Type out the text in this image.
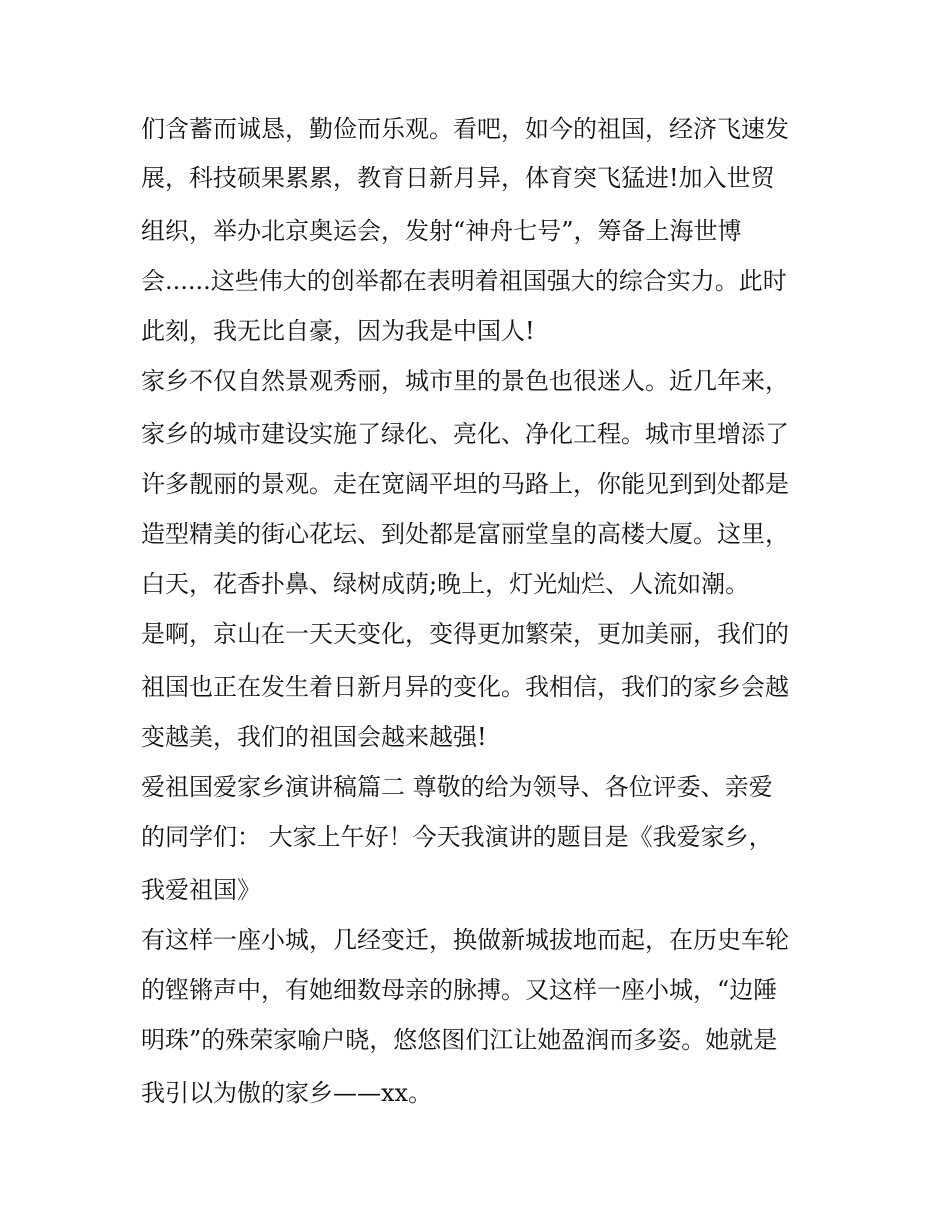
们含蓄而诚恳，勤俭而乐观。看吧，如今的祖国，经济飞速发
展，科技硕果累累，教育日新月异，体育突飞猛进!加入世贸
组织，举办北京奥运会，发射“神舟七号”，筹备上海世博
会......这些伟大的创举都在表明着祖国强大的综合实力。此时
此刻，我无比自豪，因为我是中国人!
家乡不仅自然景观秀丽，城市里的景色也很迷人。近几年来，
家乡的城市建设实施了绿化、亮化、净化工程。城市里增添了
许多靓丽的景观。走在宽阔平坦的马路上，你能见到到处都是
造型精美的街心花坛、到处都是富丽堂皇的高楼大厦。这里，
白天，花香扑鼻、绿树成荫;晚上，灯光灿烂、人流如潮。
是啊，京山在一天天变化，变得更加繁荣，更加美丽，我们的
祖国也正在发生着日新月异的变化。我相信，我们的家乡会越
变越美，我们的祖国会越来越强!
爱祖国爱家乡演讲稿篇二 尊敬的给为领导、各位评委、亲爱
的同学们： 大家上午好！今天我演讲的题目是《我爱家乡，
我爱祖国》
有这样一座小城，几经变迁，换做新城拔地而起，在历史车轮
的铿锵声中，有她细数母亲的脉搏。又这样一座小城，“边陲
明珠”的殊荣家喻户晓，悠悠图们江让她盈润而多姿。她就是
我引以为傲的家乡——xx。
